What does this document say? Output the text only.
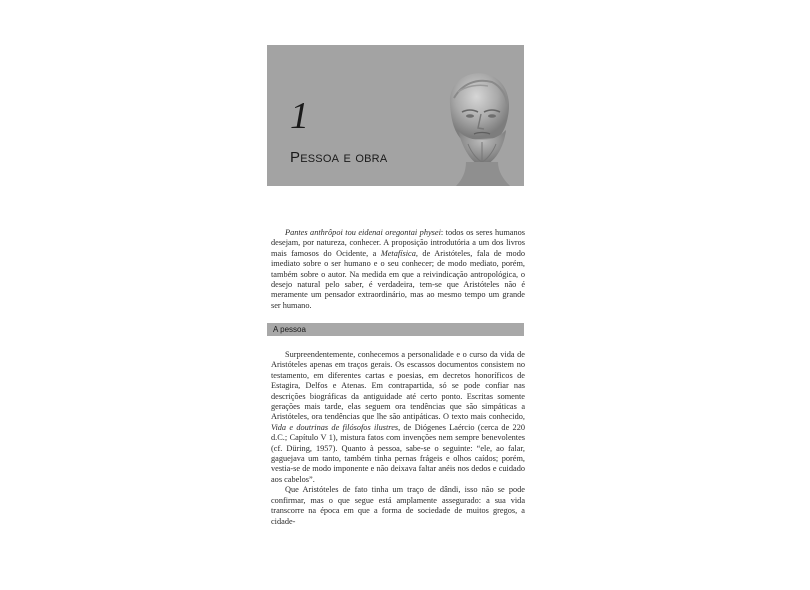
1
Pessoa e obra

Pantes anthrôpoi tou eidenai oregontai physei: todos os seres humanos desejam, por natureza, conhecer. A proposição introdutória a um dos livros mais famosos do Ocidente, a Metafísica, de Aristóteles, fala de modo imediato sobre o ser humano e o seu conhecer; de modo mediato, porém, também sobre o autor. Na medida em que a reivindicação antropológica, o desejo natural pelo saber, é verdadeira, tem-se que Aristóteles não é meramente um pensador extraordinário, mas ao mesmo tempo um grande ser humano.

A pessoa

Surpreendentemente, conhecemos a personalidade e o curso da vida de Aristóteles apenas em traços gerais. Os escassos documentos consistem no testamento, em diferentes cartas e poesias, em decretos honoríficos de Estagira, Delfos e Atenas. Em contrapartida, só se pode confiar nas descrições biográficas da antiguidade até certo ponto. Escritas somente gerações mais tarde, elas seguem ora tendências que são simpáticas a Aristóteles, ora tendências que lhe são antipáticas. O texto mais conhecido, Vida e doutrinas de filósofos ilustres, de Diógenes Laércio (cerca de 220 d.C.; Capítulo V 1), mistura fatos com invenções nem sempre benevolentes (cf. Düring, 1957). Quanto à pessoa, sabe-se o seguinte: “ele, ao falar, gaguejava um tanto, também tinha pernas frágeis e olhos caídos; porém, vestia-se de modo imponente e não deixava faltar anéis nos dedos e cuidado aos cabelos”.

Que Aristóteles de fato tinha um traço de dândi, isso não se pode confirmar, mas o que segue está amplamente assegurado: a sua vida transcorre na época em que a forma de sociedade de muitos gregos, a cidade-
